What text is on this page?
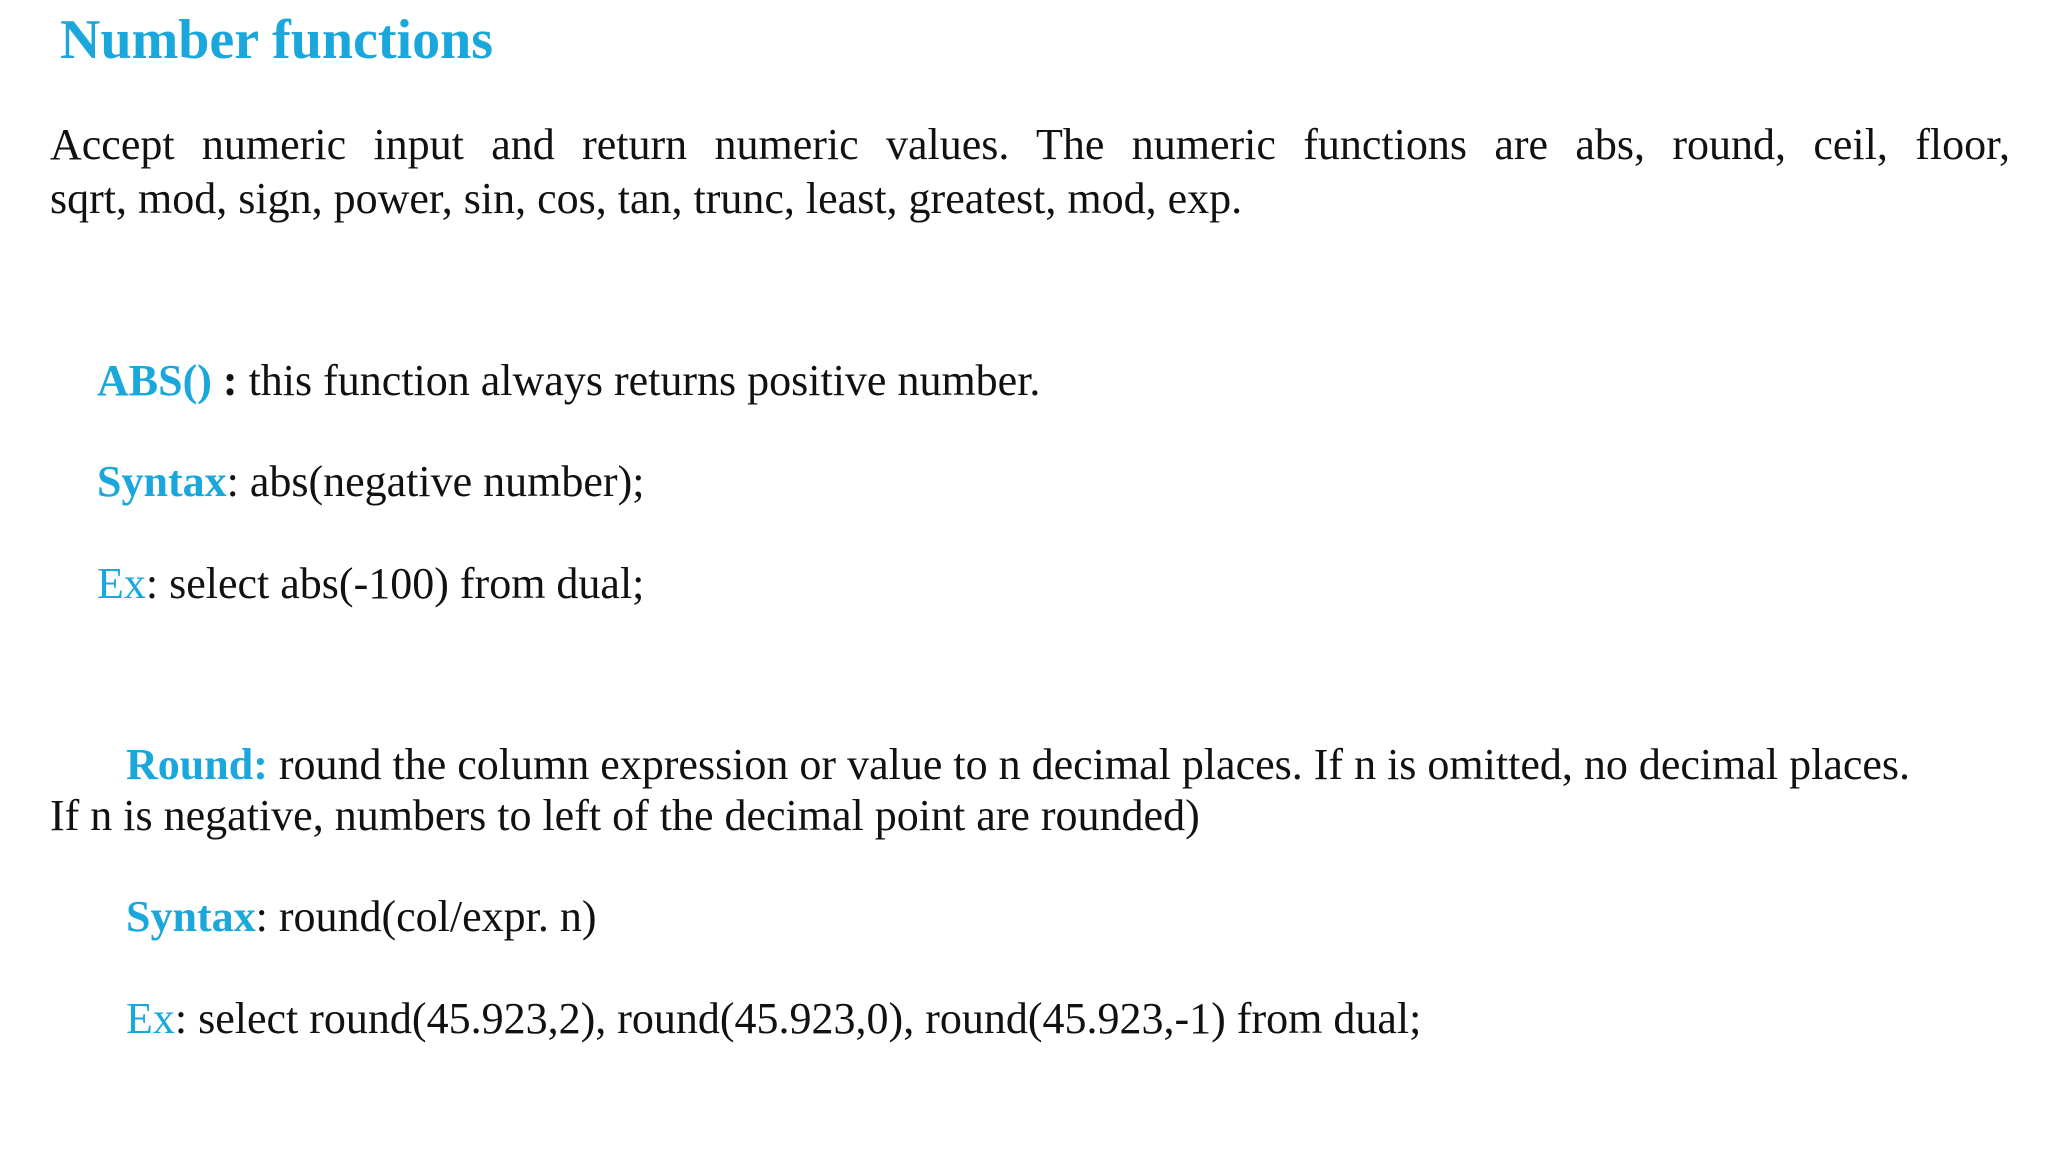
Number functions
Accept numeric input and return numeric values. The numeric functions are abs, round, ceil, floor,
sqrt, mod, sign, power, sin, cos, tan, trunc, least, greatest, mod, exp.
ABS() : this function always returns positive number.
Syntax: abs(negative number);
Ex: select abs(-100) from dual;
Round: round the column expression or value to n decimal places. If n is omitted, no decimal places.
If n is negative, numbers to left of the decimal point are rounded)
Syntax: round(col/expr. n)
Ex: select round(45.923,2), round(45.923,0), round(45.923,-1) from dual;
